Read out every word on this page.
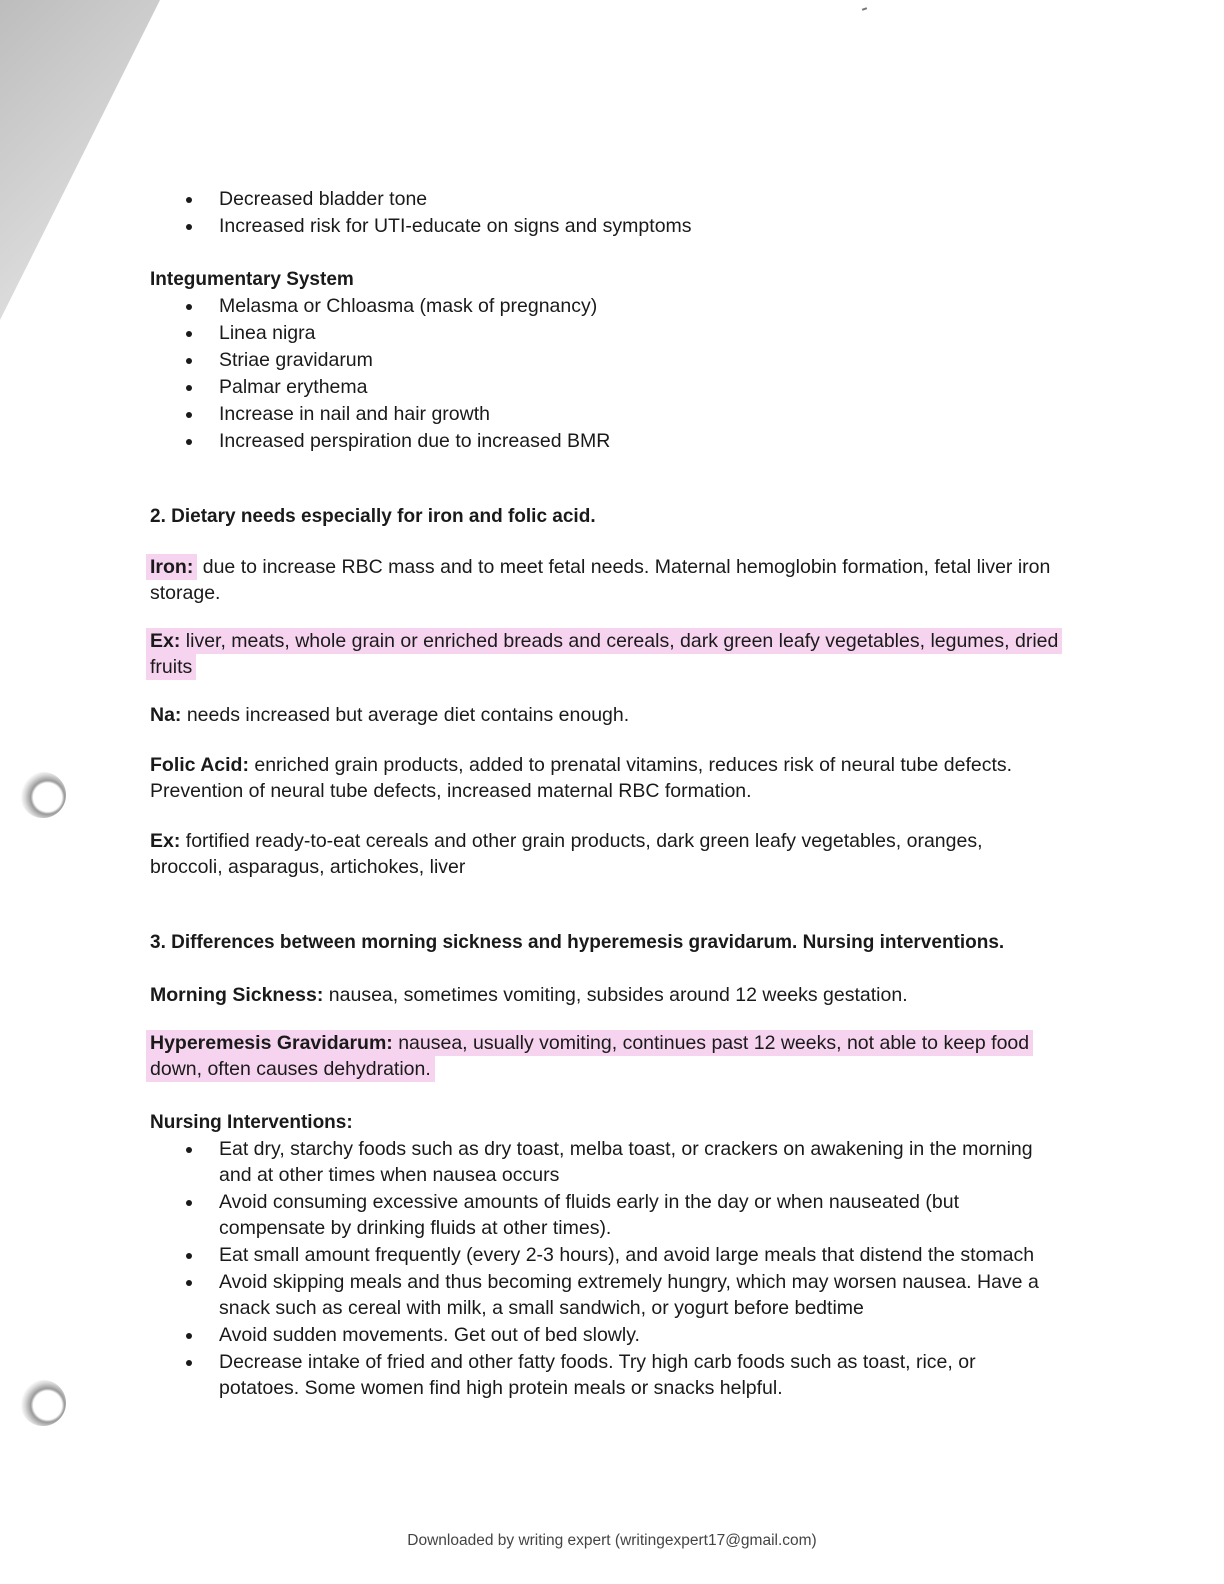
Decreased bladder tone
Increased risk for UTI-educate on signs and symptoms
Integumentary System
Melasma or Chloasma (mask of pregnancy)
Linea nigra
Striae gravidarum
Palmar erythema
Increase in nail and hair growth
Increased perspiration due to increased BMR
2. Dietary needs especially for iron and folic acid.

Iron: due to increase RBC mass and to meet fetal needs. Maternal hemoglobin formation, fetal liver iron storage.

Ex: liver, meats, whole grain or enriched breads and cereals, dark green leafy vegetables, legumes, dried fruits

Na: needs increased but average diet contains enough.

Folic Acid: enriched grain products, added to prenatal vitamins, reduces risk of neural tube defects. Prevention of neural tube defects, increased maternal RBC formation.

Ex: fortified ready-to-eat cereals and other grain products, dark green leafy vegetables, oranges, broccoli, asparagus, artichokes, liver

3. Differences between morning sickness and hyperemesis gravidarum. Nursing interventions.

Morning Sickness: nausea, sometimes vomiting, subsides around 12 weeks gestation.

Hyperemesis Gravidarum: nausea, usually vomiting, continues past 12 weeks, not able to keep food down, often causes dehydration.

Nursing Interventions:
Eat dry, starchy foods such as dry toast, melba toast, or crackers on awakening in the morning and at other times when nausea occurs
Avoid consuming excessive amounts of fluids early in the day or when nauseated (but compensate by drinking fluids at other times).
Eat small amount frequently (every 2-3 hours), and avoid large meals that distend the stomach
Avoid skipping meals and thus becoming extremely hungry, which may worsen nausea. Have a snack such as cereal with milk, a small sandwich, or yogurt before bedtime
Avoid sudden movements. Get out of bed slowly.
Decrease intake of fried and other fatty foods. Try high carb foods such as toast, rice, or potatoes. Some women find high protein meals or snacks helpful.
Downloaded by writing expert (writingexpert17@gmail.com)
